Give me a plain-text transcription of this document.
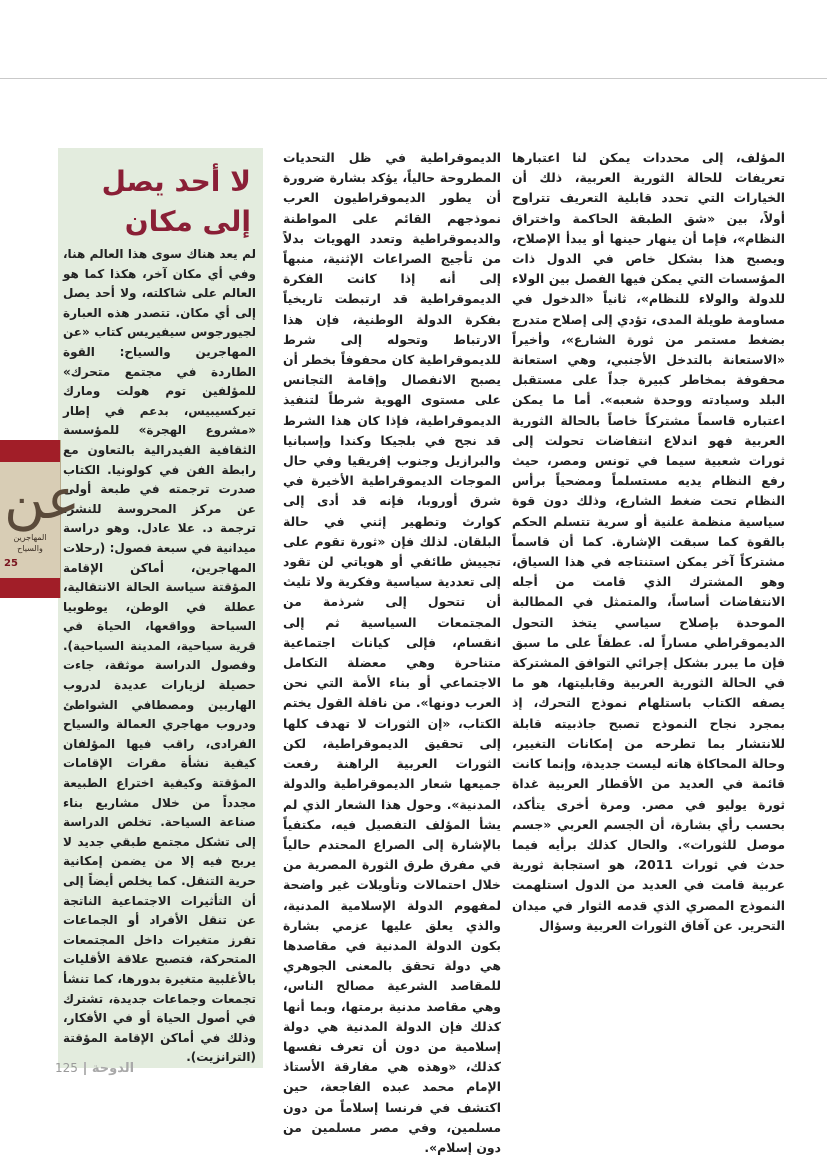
المؤلف، إلى محددات يمكن لنا اعتبارها تعريفات للحالة الثورية العربية، ذلك أن الخيارات التي تحدد قابلية التعريف تتراوح أولاً، بين «شق الطبقة الحاكمة واختراق النظام»، فإما أن ينهار حينها أو يبدأ الإصلاح، ويصبح هذا بشكل خاص في الدول ذات المؤسسات التي يمكن فيها الفصل بين الولاء للدولة والولاء للنظام»، ثانياً «الدخول في مساومة طويلة المدى، تؤدي إلى إصلاح متدرج بضغط مستمر من ثورة الشارع»، وأخيراً «الاستعانة بالتدخل الأجنبي، وهي استعانة محفوفة بمخاطر كبيرة جداً على مستقبل البلد وسيادته ووحدة شعبه». أما ما يمكن اعتباره قاسماً مشتركاً خاصاً بالحالة الثورية العربية فهو اندلاع انتفاضات تحولت إلى ثورات شعبية سيما في تونس ومصر، حيث رفع النظام يديه مستسلماً ومضحياً برأس النظام تحت ضغط الشارع، وذلك دون قوة سياسية منظمة علنية أو سرية تتسلم الحكم بالقوة كما سبقت الإشارة. كما أن قاسماً مشتركاً آخر يمكن استنتاجه في هذا السياق، وهو المشترك الذي قامت من أجله الانتفاضات أساساً، والمتمثل في المطالبة الموحدة بإصلاح سياسي يتخذ التحول الديموقراطي مساراً له. عطفاً على ما سبق فإن ما يبرر بشكل إجرائي التوافق المشتركة في الحالة الثورية العربية وقابليتها، هو ما يصفه الكتاب باستلهام نموذج التحرك، إذ بمجرد نجاح النموذج تصبح جاذبيته قابلة للانتشار بما تطرحه من إمكانات التغيير، وحالة المحاكاة هاته ليست جديدة، وإنما كانت قائمة في العديد من الأقطار العربية غداة ثورة يوليو في مصر. ومرة أخرى يتأكد، بحسب رأي بشارة، أن الجسم العربي «جسم موصل للثورات». والحال كذلك برأيه فيما حدث في ثورات 2011، هو استجابة ثورية عربية قامت في العديد من الدول استلهمت النموذج المصري الذي قدمه الثوار في ميدان التحرير. عن آفاق الثورات العربية وسؤال

الديموقراطية في ظل التحديات المطروحة حالياً، يؤكد بشارة ضرورة أن يطور الديموقراطيون العرب نموذجهم القائم على المواطنة والديموقراطية وتعدد الهويات بدلاً من تأجيج الصراعات الإثنية، منبهاً إلى أنه إذا كانت الفكرة الديموقراطية قد ارتبطت تاريخياً بفكرة الدولة الوطنية، فإن هذا الارتباط وتحوله إلى شرط للديموقراطية كان محفوفاً بخطر أن يصبح الانفصال وإقامة التجانس على مستوى الهوية شرطاً لتنفيذ الديموقراطية، فإذا كان هذا الشرط قد نجح في بلجيكا وكندا وإسبانيا والبرازيل وجنوب إفريقيا وفي حال الموجات الديموقراطية الأخيرة في شرق أوروبا، فإنه قد أدى إلى كوارث وتطهير إثني في حالة البلقان. لذلك فإن «ثورة تقوم على تجييش طائفي أو هوياتي لن تقود إلى تعددية سياسية وفكرية ولا تليث أن تتحول إلى شرذمة من المجتمعات السياسية ثم إلى انقسام، فإلى كيانات اجتماعية متناحرة وهي معضلة التكامل الاجتماعي أو بناء الأمة التي نحن العرب دونها». من نافلة القول يختم الكتاب، «إن الثورات لا تهدف كلها إلى تحقيق الديموقراطية، لكن الثورات العربية الراهنة رفعت جميعها شعار الديموقراطية والدولة المدنية». وحول هذا الشعار الذي لم يشأ المؤلف التفصيل فيه، مكتفياً بالإشارة إلى الصراع المحتدم حالياً في مفرق طرق الثورة المصرية من خلال احتمالات وتأويلات غير واضحة لمفهوم الدولة الإسلامية المدنية، والذي يعلق عليها عزمي بشارة بكون الدولة المدنية في مقاصدها هي دولة تحقق بالمعنى الجوهري للمقاصد الشرعية مصالح الناس، وهي مقاصد مدنية برمتها، وبما أنها كذلك فإن الدولة المدنية هي دولة إسلامية من دون أن تعرف نفسها كذلك، «وهذه هي مفارقة الأستاذ الإمام محمد عبده الفاجعة، حين اكتشف في فرنسا إسلاماً من دون مسلمين، وفي مصر مسلمين من دون إسلام».

لا أحد يصل إلى مكان

لم يعد هناك سوى هذا العالم هنا، وفي أي مكان آخر، هكذا كما هو العالم على شاكلته، ولا أحد يصل إلى أي مكان. تتصدر هذه العبارة لجيورجوس سيفيريس كتاب «عن المهاجرين والسياح: القوة الطاردة في مجتمع متحرك» للمؤلفين توم هولت ومارك تيركسيبيس، بدعم في إطار «مشروع الهجرة» للمؤسسة الثقافية الفيدرالية بالتعاون مع رابطة الفن في كولونيا. الكتاب صدرت ترجمته في طبعة أولى عن مركز المحروسة للنشر، ترجمة د. علا عادل. وهو دراسة ميدانية في سبعة فصول: (رحلات المهاجرين، أماكن الإقامة المؤقتة سياسة الحالة الانتقالية، عطلة في الوطن، يوطوبيا السياحة وواقعها، الحياة في قرية سياحية، المدينة السياحية). وفصول الدراسة موثقة، جاءت حصيلة لزيارات عديدة لدروب الهاربين ومصطافي الشواطئ ودروب مهاجري العمالة والسياح الفرادى، راقب فيها المؤلفان كيفية نشأة مقرات الإقامات المؤقتة وكيفية اختراع الطبيعة مجدداً من خلال مشاريع بناء صناعة السياحة. تخلص الدراسة إلى تشكل مجتمع طبقي جديد لا يربح فيه إلا من يضمن إمكانية حرية التنقل. كما يخلص أيضاً إلى أن التأثيرات الاجتماعية الناتجة عن تنقل الأفراد أو الجماعات تفرز متغيرات داخل المجتمعات المتحركة، فتصبح علاقة الأقليات بالأغلبية متغيرة بدورها، كما تنشأ تجمعات وجماعات جديدة، تشترك في أصول الحياة أو في الأفكار، وذلك في أماكن الإقامة المؤقتة (الترانزيت).

عن
المهاجرين والسياح
25
125 الدوحة
